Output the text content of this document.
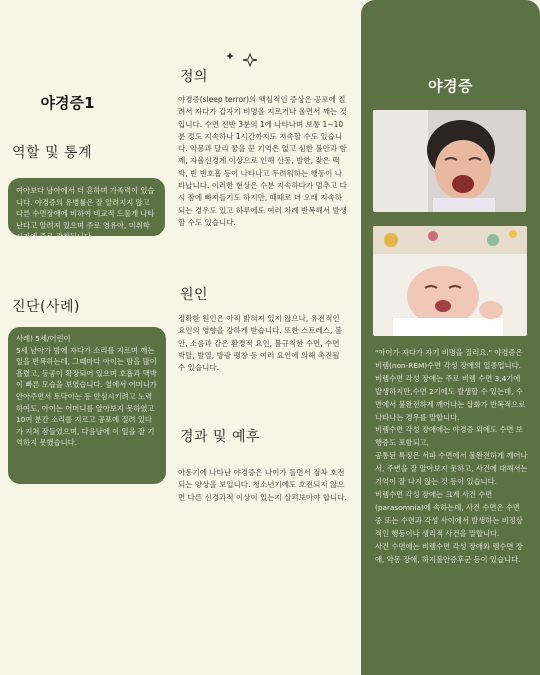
야경증1
역할 및 통계
여아보다 남아에서 더 흔하며 가족력이 있습니다. 야경증의 유병률은 잘 알려지지 않고 다른 수면장애에 비하여 비교적 드물게 나타난다고 알려져 있으며 주로 영유아, 미취학 시기에 주로 관찰됩니다
진단(사례)
사례) 5세/어린이
5세 남아가 밤에 자다가 소리를 지르며 깨는 일을 반복하는데, 그때마다 아이는 땀을 많이 흘렸고, 동공이 확장되어 있으며 호흡과 맥박이 빠른 모습을 보였습니다. 옆에서 어머니가 안아주면서 토닥이는 등 안심시키려고 노력하여도, 아이는 어머니를 알아보지 못하였고 10여 분간 소리를 지르고 공포에 질려 있다가 지쳐 잠들었으며, 다음날에 이 일을 잘 기억하지 못했습니다.
정의
야경증(sleep terror)의 핵심적인 증상은 공포에 질려서 자다가 갑자기 비명을 지르거나 울면서 깨는 것입니다. 수면 전반 3분의 1에 나타나며 보통 1~10분 정도 지속하나 1시간까지도 지속할 수도 있습니다. 악몽과 달리 꿈을 꾼 기억은 없고 심한 불안과 함께, 자율신경계 이상으로 인해 산동, 발한, 잦은 맥박, 빈 빈호흡 등이 나타나고 두려워하는 행동이 나타납니다. 이러한 현상은 수분 지속하다가 멈추고 다시 잠에 빠져들기도 하지만, 때때로 더 오래 지속하되는 경우도 있고 하루에도 여러 차례 반복해서 발생할 수도 있습니다.
원인
정확한 원인은 아직 밝혀져 있지 않으나, 유전적인 요인의 영향을 강하게 받습니다. 또한 스트레스, 불안, 소음과 같은 환경적 요인, 불규칙한 수면, 수면 박탈, 발열, 방광 팽창 등 여러 요인에 의해 촉진될 수 있습니다.
경과 및 예후
아동기에 나타난 야경증은 나이가 들면서 점차 호전되는 양상을 보입니다. 청소년기에도 호전되지 않으면 다른 신경과적 이상이 있는지 살펴보아야 합니다.
야경증

"아이가 자다가 자기 비명을 질러요." 야경증은 비렘(non-REM)수면 각성 장애의 일종입니다.

비렘수면 각성 장애는 주로 비렘 수면 3,4기에 발생하지만,수면 2기에도 발생할 수 있는데, 수면에서 불완전하게 깨어나는 삽화가 반복적으로 나타나는 경우를 말합니다.

비렘수면 각성 장애에는 야경증 외에도 수면 보행증도 포함되고,

공통된 특징은 서파 수면에서 불완전하게 깨어나서, 주변을 잘 알아보지 못하고, 사건에 대해서는 기억이 잘 나지 않는 것 등이 있습니다.

비렘수면 각성 장애는 크게 사건 수면(parasomnia)에 속하는데, 사건 수면은 수면 중 또는 수면과 각성 사이에서 발생하는 비정상적인 행동이나 생리적 사건을 말합니다.

사건 수면에는 비렘수면 각성 장애와 렘수면 장애, 악몽 장애, 하지불안증후군 등이 있습니다.
